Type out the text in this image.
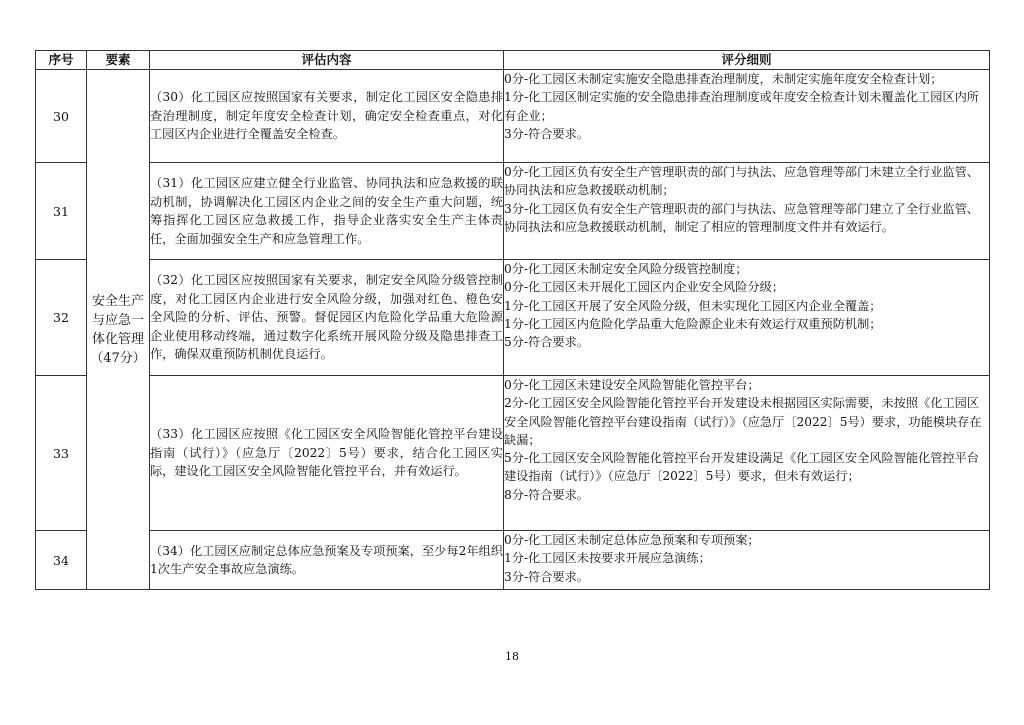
序号	要素	评估内容	评分细则
30	安全生产与应急一体化管理（47分）	（30）化工园区应按照国家有关要求，制定化工园区安全隐患排查治理制度，制定年度安全检查计划，确定安全检查重点，对化工园区内企业进行全覆盖安全检查。	0分-化工园区未制定实施安全隐患排查治理制度，未制定实施年度安全检查计划；
1分-化工园区制定实施的安全隐患排查治理制度或年度安全检查计划未覆盖化工园区内所有企业；
3分-符合要求。

31		（31）化工园区应建立健全行业监管、协同执法和应急救援的联动机制，协调解决化工园区内企业之间的安全生产重大问题，统筹指挥化工园区应急救援工作，指导企业落实安全生产主体责任，全面加强安全生产和应急管理工作。	0分-化工园区负有安全生产管理职责的部门与执法、应急管理等部门未建立全行业监管、协同执法和应急救援联动机制；
3分-化工园区负有安全生产管理职责的部门与执法、应急管理等部门建立了全行业监管、协同执法和应急救援联动机制，制定了相应的管理制度文件并有效运行。

32		（32）化工园区应按照国家有关要求，制定安全风险分级管控制度，对化工园区内企业进行安全风险分级，加强对红色、橙色安全风险的分析、评估、预警。督促园区内危险化学品重大危险源企业使用移动终端，通过数字化系统开展风险分级及隐患排查工作，确保双重预防机制优良运行。	0分-化工园区未制定安全风险分级管控制度；
0分-化工园区未开展化工园区内企业安全风险分级；
1分-化工园区开展了安全风险分级，但未实现化工园区内企业全覆盖；
1分-化工园区内危险化学品重大危险源企业未有效运行双重预防机制；
5分-符合要求。

33		（33）化工园区应按照《化工园区安全风险智能化管控平台建设指南（试行）》（应急厅〔2022〕5号）要求，结合化工园区实际，建设化工园区安全风险智能化管控平台，并有效运行。	0分-化工园区未建设安全风险智能化管控平台；
2分-化工园区安全风险智能化管控平台开发建设未根据园区实际需要，未按照《化工园区安全风险智能化管控平台建设指南（试行）》（应急厅〔2022〕5号）要求，功能模块存在缺漏；
5分-化工园区安全风险智能化管控平台开发建设满足《化工园区安全风险智能化管控平台建设指南（试行）》（应急厅〔2022〕5号）要求，但未有效运行；
8分-符合要求。

34		（34）化工园区应制定总体应急预案及专项预案，至少每2年组织1次生产安全事故应急演练。	0分-化工园区未制定总体应急预案和专项预案；
1分-化工园区未按要求开展应急演练；
3分-符合要求。
18
